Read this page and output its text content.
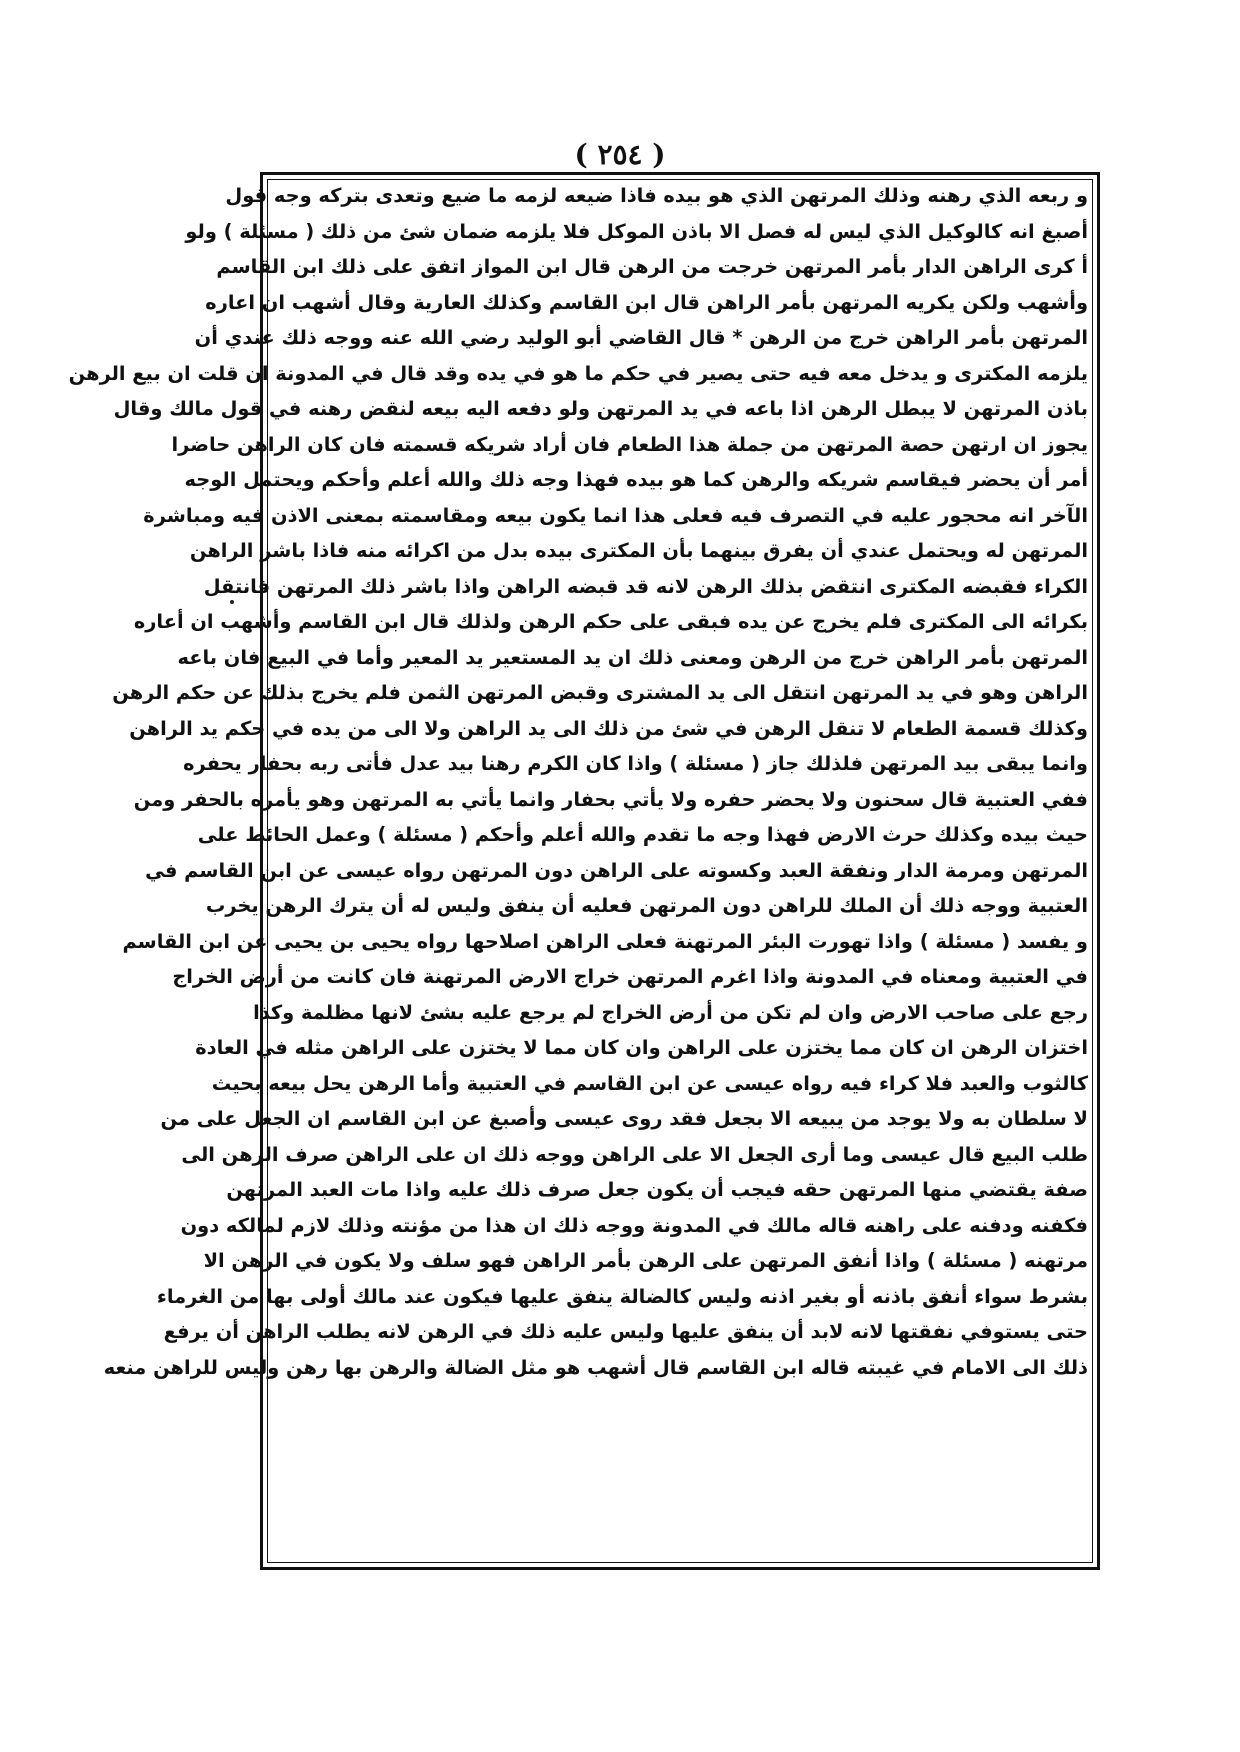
( ٢٥٤ )
و ربعه الذي رهنه وذلك المرتهن الذي هو بيده فاذا ضيعه لزمه ما ضيع وتعدى بتركه وجه قول
أصبغ انه كالوكيل الذي ليس له فصل الا باذن الموكل فلا يلزمه ضمان شئ من ذلك ( مسئلة ) ولو
أ كرى الراهن الدار بأمر المرتهن خرجت من الرهن قال ابن المواز اتفق على ذلك ابن القاسم
وأشهب ولكن يكريه المرتهن بأمر الراهن قال ابن القاسم وكذلك العارية وقال أشهب ان اعاره
المرتهن بأمر الراهن خرج من الرهن * قال القاضي أبو الوليد رضي الله عنه ووجه ذلك عندي أن
يلزمه المكترى و يدخل معه فيه حتى يصير في حكم ما هو في يده وقد قال في المدونة ان قلت ان بيع الرهن
باذن المرتهن لا يبطل الرهن اذا باعه في يد المرتهن ولو دفعه اليه بيعه لنقض رهنه في قول مالك وقال
يجوز ان ارتهن حصة المرتهن من جملة هذا الطعام فان أراد شريكه قسمته فان كان الراهن حاضرا
أمر أن يحضر فيقاسم شريكه والرهن كما هو بيده فهذا وجه ذلك والله أعلم وأحكم ويحتمل الوجه
الآخر انه محجور عليه في التصرف فيه فعلى هذا انما يكون بيعه ومقاسمته بمعنى الاذن فيه ومباشرة
المرتهن له ويحتمل عندي أن يفرق بينهما بأن المكترى بيده بدل من اكرائه منه فاذا باشر الراهن
الكراء فقبضه المكترى انتقض بذلك الرهن لانه قد قبضه الراهن واذا باشر ذلك المرتهن فانتقل
بكرائه الى المكترى فلم يخرج عن يده فبقى على حكم الرهن ولذلك قال ابن القاسم وأشهب ان أعاره
المرتهن بأمر الراهن خرج من الرهن ومعنى ذلك ان يد المستعير يد المعير وأما في البيع فان باعه
الراهن وهو في يد المرتهن انتقل الى يد المشترى وقبض المرتهن الثمن فلم يخرج بذلك عن حكم الرهن
وكذلك قسمة الطعام لا تنقل الرهن في شئ من ذلك الى يد الراهن ولا الى من يده في حكم يد الراهن
وانما يبقى بيد المرتهن فلذلك جاز ( مسئلة ) واذا كان الكرم رهنا بيد عدل فأتى ربه بحفار يحفره
ففي العتبية قال سحنون ولا يحضر حفره ولا يأتي بحفار وانما يأتي به المرتهن وهو يأمره بالحفر ومن
حيث بيده وكذلك حرث الارض فهذا وجه ما تقدم والله أعلم وأحكم ( مسئلة ) وعمل الحائط على
المرتهن ومرمة الدار ونفقة العبد وكسوته على الراهن دون المرتهن رواه عيسى عن ابن القاسم في
العتبية ووجه ذلك أن الملك للراهن دون المرتهن فعليه أن ينفق وليس له أن يترك الرهن يخرب
و يفسد ( مسئلة ) واذا تهورت البئر المرتهنة فعلى الراهن اصلاحها رواه يحيى بن يحيى عن ابن القاسم
في العتبية ومعناه في المدونة واذا اغرم المرتهن خراج الارض المرتهنة فان كانت من أرض الخراج
رجع على صاحب الارض وان لم تكن من أرض الخراج لم يرجع عليه بشئ لانها مظلمة وكذا
اختزان الرهن ان كان مما يختزن على الراهن وان كان مما لا يختزن على الراهن مثله في العادة
كالثوب والعبد فلا كراء فيه رواه عيسى عن ابن القاسم في العتبية وأما الرهن يحل بيعه بحيث
لا سلطان به ولا يوجد من يبيعه الا بجعل فقد روى عيسى وأصبغ عن ابن القاسم ان الجعل على من
طلب البيع قال عيسى وما أرى الجعل الا على الراهن ووجه ذلك ان على الراهن صرف الرهن الى
صفة يقتضي منها المرتهن حقه فيجب أن يكون جعل صرف ذلك عليه واذا مات العبد المرتهن
فكفنه ودفنه على راهنه قاله مالك في المدونة ووجه ذلك ان هذا من مؤنته وذلك لازم لمالكه دون
مرتهنه ( مسئلة ) واذا أنفق المرتهن على الرهن بأمر الراهن فهو سلف ولا يكون في الرهن الا
بشرط سواء أنفق باذنه أو بغير اذنه وليس كالضالة ينفق عليها فيكون عند مالك أولى بها من الغرماء
حتى يستوفي نفقتها لانه لابد أن ينفق عليها وليس عليه ذلك في الرهن لانه يطلب الراهن أن يرفع
ذلك الى الامام في غيبته قاله ابن القاسم قال أشهب هو مثل الضالة والرهن بها رهن وليس للراهن منعه
